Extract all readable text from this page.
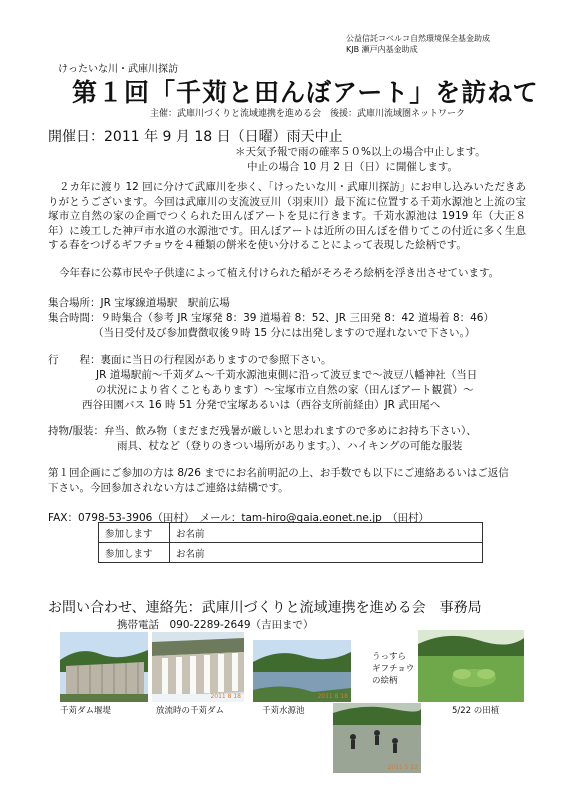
公益信託コベルコ自然環境保全基金助成
KJB 瀬戸内基金助成
けったいな川・武庫川探訪
第１回「千苅と田んぼアート」を訪ねて
主催：武庫川づくりと流域連携を進める会　後援：武庫川流域圏ネットワーク
開催日：2011 年 9 月 18 日（日曜）雨天中止
＊天気予報で雨の確率５０%以上の場合中止します。
中止の場合 10 月 2 日（日）に開催します。
２カ年に渡り 12 回に分けて武庫川を歩く、「けったいな川・武庫川探訪」にお申し込みいただきありがとうございます。今回は武庫川の支流波豆川（羽束川）最下流に位置する千苅水源池と上流の宝塚市立自然の家の企画でつくられた田んぼアートを見に行きます。千苅水源池は 1919 年（大正８年）に竣工した神戸市水道の水源池です。田んぼアートは近所の田んぼを借りてこの付近に多く生息する春をつげるギフチョウを４種類の餅米を使い分けることによって表現した絵柄です。
今年春に公募市民や子供達によって植え付けられた稲がそろそろ絵柄を浮き出させています。
集合場所：JR 宝塚線道場駅　駅前広場
集合時間：９時集合（参考 JR 宝塚発 8：39 道場着 8：52、JR 三田発 8：42 道場着 8：46）
（当日受付及び参加費徴収後９時 15 分には出発しますので遅れないで下さい。）
行　　程：裏面に当日の行程図がありますので参照下さい。
JR 道場駅前〜千苅ダム〜千苅水源池東側に沿って波豆まで〜波豆八幡神社（当日
の状況により省くこともあります）〜宝塚市立自然の家（田んぼアート観賞）〜
西谷田園バス 16 時 51 分発で宝塚あるいは（西谷支所前経由）JR 武田尾へ
持物/服装：弁当、飲み物（まだまだ残暑が厳しいと思われますので多めにお持ち下さい）、
雨具、杖など（登りのきつい場所があります。）、ハイキングの可能な服装
第１回企画にご参加の方は 8/26 までにお名前明記の上、お手数でも以下にご連絡あるいはご返信
下さい。今回参加されない方はご連絡は結構です。
FAX：0798-53-3906（田村）　メール：tam-hiro@gaia.eonet.ne.jp　（田村）
参加します	お名前
参加します	お名前
お問い合わせ、連絡先：武庫川づくりと流域連携を進める会　事務局
携帯電話　090-2289-2649（吉田まで）
2011 8 18	2011 8 18
2011 5 22
千苅ダム堰堤	放流時の千苅ダム	千苅水源池
うっすら
ギフチョウ
の絵柄
5/22 の田植
